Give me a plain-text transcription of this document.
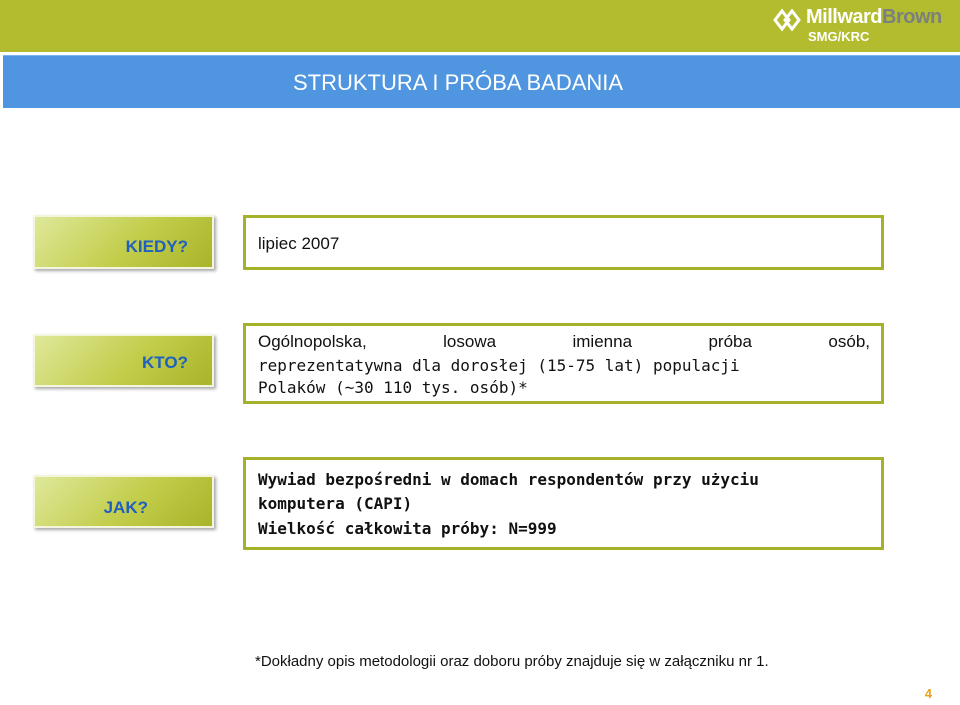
MillwardBrown
SMG/KRC
STRUKTURA I PRÓBA BADANIA
KIEDY?	lipiec 2007
KTO?
Ogólnopolska, losowa imienna próba osób,
reprezentatywna dla dorosłej (15-75 lat) populacji
Polaków (~30 110 tys. osób)*
JAK?
Wywiad bezpośredni w domach respondentów przy użyciu
komputera (CAPI)
Wielkość całkowita próby: N=999
*Dokładny opis metodologii oraz doboru próby znajduje się w załączniku nr 1.
4
